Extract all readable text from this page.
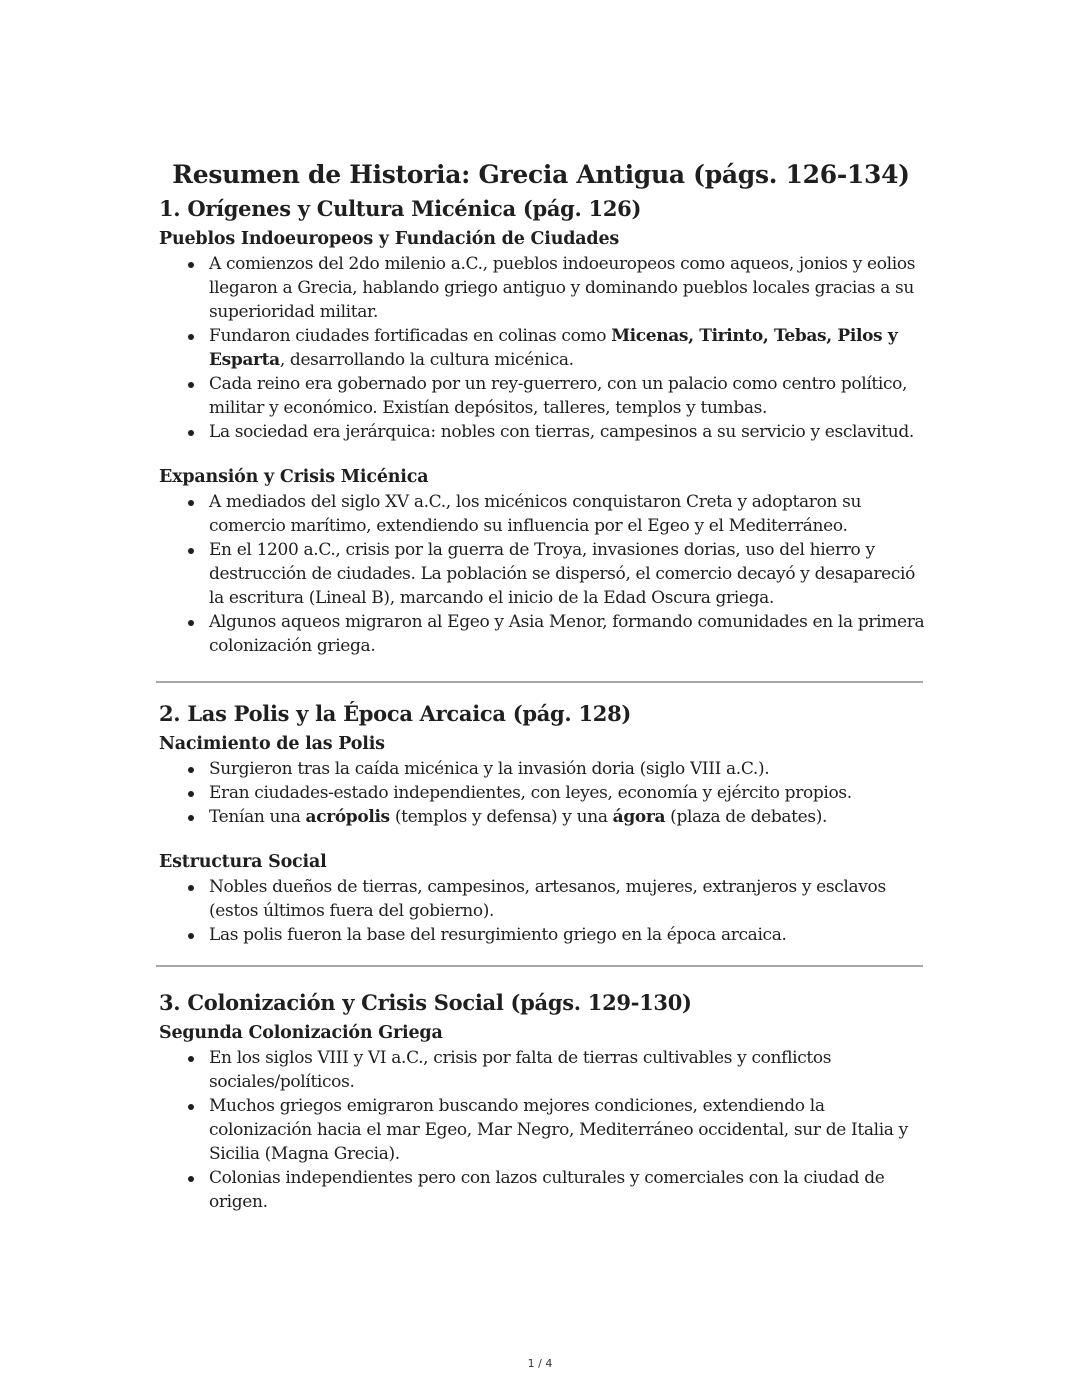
Resumen de Historia: Grecia Antigua (págs. 126-134)
1. Orígenes y Cultura Micénica (pág. 126)
Pueblos Indoeuropeos y Fundación de Ciudades
A comienzos del 2do milenio a.C., pueblos indoeuropeos como aqueos, jonios y eolios llegaron a Grecia, hablando griego antiguo y dominando pueblos locales gracias a su superioridad militar.
Fundaron ciudades fortificadas en colinas como Micenas, Tirinto, Tebas, Pilos y Esparta, desarrollando la cultura micénica.
Cada reino era gobernado por un rey-guerrero, con un palacio como centro político, militar y económico. Existían depósitos, talleres, templos y tumbas.
La sociedad era jerárquica: nobles con tierras, campesinos a su servicio y esclavitud.
Expansión y Crisis Micénica
A mediados del siglo XV a.C., los micénicos conquistaron Creta y adoptaron su comercio marítimo, extendiendo su influencia por el Egeo y el Mediterráneo.
En el 1200 a.C., crisis por la guerra de Troya, invasiones dorias, uso del hierro y destrucción de ciudades. La población se dispersó, el comercio decayó y desapareció la escritura (Lineal B), marcando el inicio de la Edad Oscura griega.
Algunos aqueos migraron al Egeo y Asia Menor, formando comunidades en la primera colonización griega.
2. Las Polis y la Época Arcaica (pág. 128)
Nacimiento de las Polis
Surgieron tras la caída micénica y la invasión doria (siglo VIII a.C.).
Eran ciudades-estado independientes, con leyes, economía y ejército propios.
Tenían una acrópolis (templos y defensa) y una ágora (plaza de debates).
Estructura Social
Nobles dueños de tierras, campesinos, artesanos, mujeres, extranjeros y esclavos (estos últimos fuera del gobierno).
Las polis fueron la base del resurgimiento griego en la época arcaica.
3. Colonización y Crisis Social (págs. 129-130)
Segunda Colonización Griega
En los siglos VIII y VI a.C., crisis por falta de tierras cultivables y conflictos sociales/políticos.
Muchos griegos emigraron buscando mejores condiciones, extendiendo la colonización hacia el mar Egeo, Mar Negro, Mediterráneo occidental, sur de Italia y Sicilia (Magna Grecia).
Colonias independientes pero con lazos culturales y comerciales con la ciudad de origen.
1 / 4
